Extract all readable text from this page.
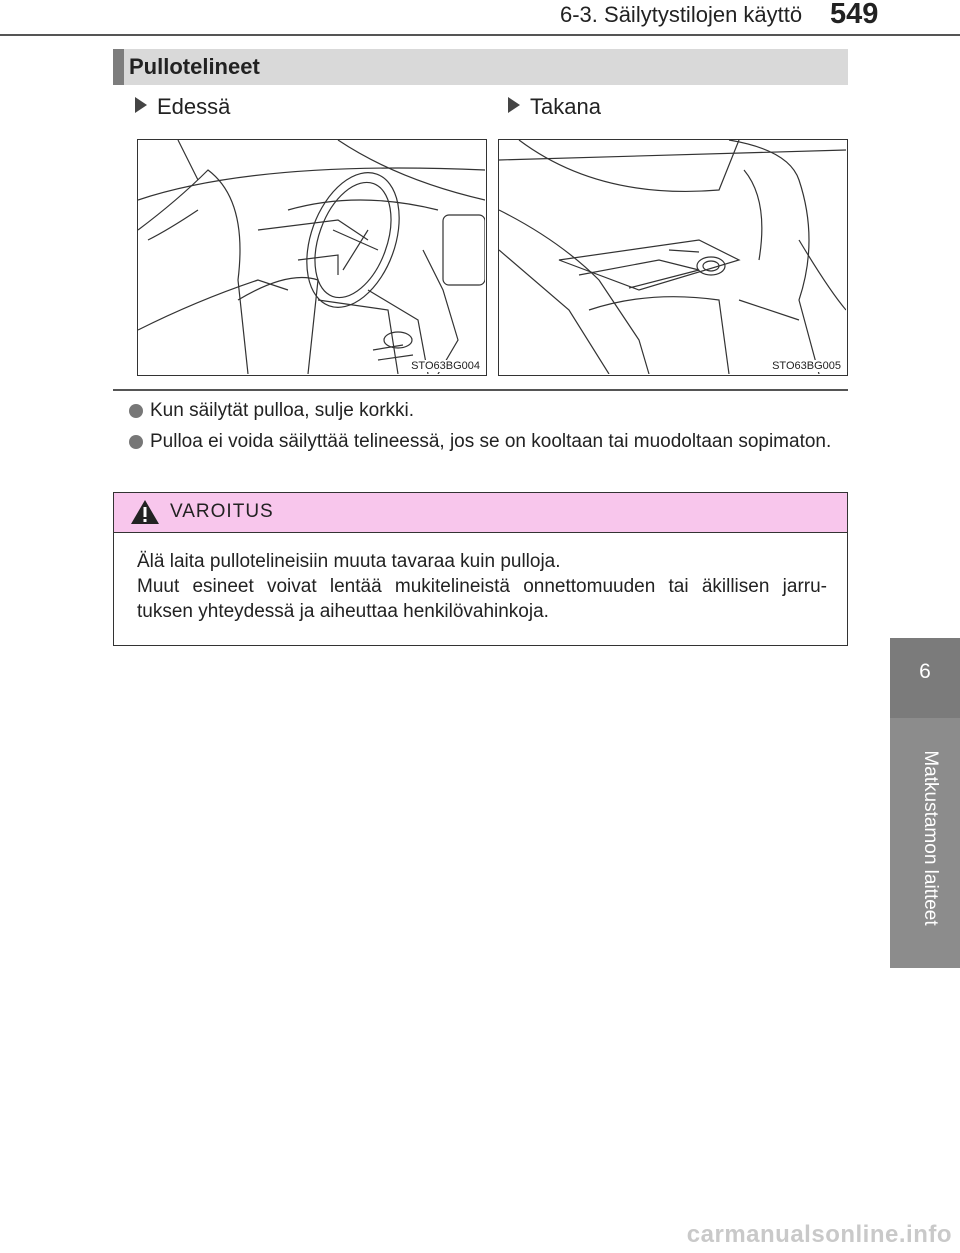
6-3. Säilytystilojen käyttö 549
6
Matkustamon laitteet
Pullotelineet
Edessä	Takana
STO63BG004	STO63BG005
Kun säilytät pulloa, sulje korkki.
Pulloa ei voida säilyttää telineessä, jos se on kooltaan tai muodoltaan sopimaton.
VAROITUS
Älä laita pullotelineisiin muuta tavaraa kuin pulloja.
Muut esineet voivat lentää mukitelineistä onnettomuuden tai äkillisen jarru-
tuksen yhteydessä ja aiheuttaa henkilövahinkoja.
carmanualsonline.info
